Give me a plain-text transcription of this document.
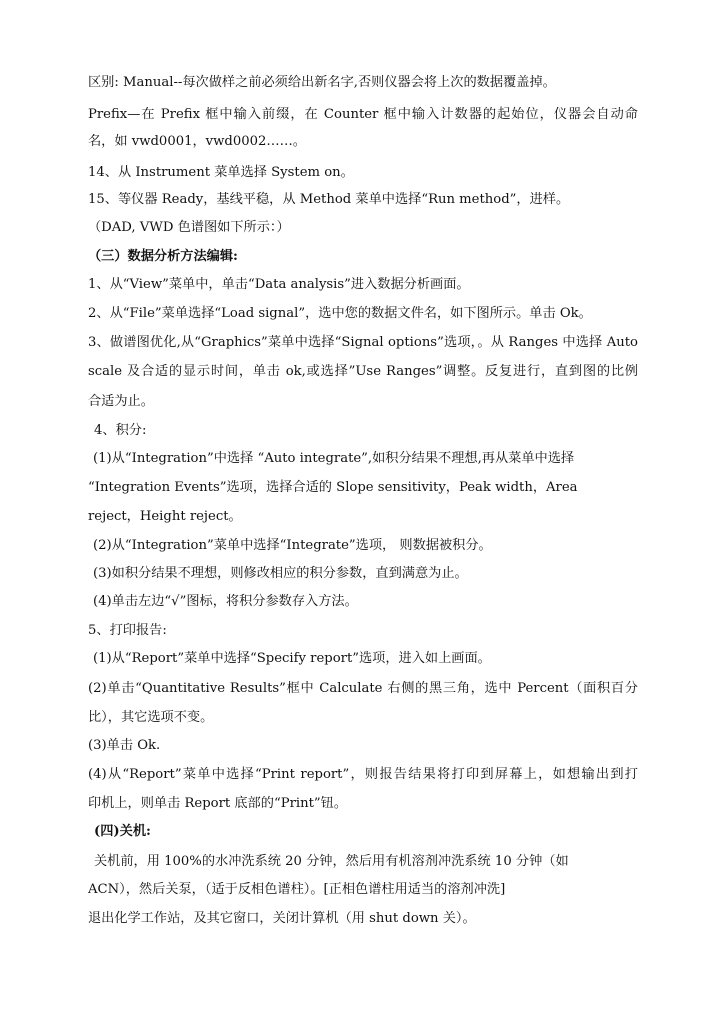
区别: Manual--每次做样之前必须给出新名字,否则仪器会将上次的数据覆盖掉。
Prefix—在 Prefix 框中输入前缀，在 Counter 框中输入计数器的起始位，仪器会自动命
名，如 vwd0001，vwd0002……。
14、从 Instrument 菜单选择 System on。
15、等仪器 Ready，基线平稳，从 Method 菜单中选择“Run method”，进样。
（DAD, VWD 色谱图如下所示：）
（三）数据分析方法编辑:
1、从“View”菜单中，单击“Data analysis”进入数据分析画面。
2、从“File”菜单选择“Load signal”，选中您的数据文件名，如下图所示。单击 Ok。
3、做谱图优化,从“Graphics”菜单中选择“Signal options”选项，。从 Ranges 中选择 Auto
scale 及合适的显示时间，单击 ok,或选择”Use Ranges”调整。反复进行，直到图的比例
合适为止。
4、积分:
(1)从“Integration”中选择 “Auto integrate”,如积分结果不理想,再从菜单中选择
“Integration Events”选项，选择合适的 Slope sensitivity，Peak width，Area
reject，Height reject。
(2)从“Integration”菜单中选择“Integrate”选项， 则数据被积分。
(3)如积分结果不理想，则修改相应的积分参数，直到满意为止。
(4)单击左边“√”图标，将积分参数存入方法。
5、打印报告:
(1)从“Report”菜单中选择“Specify report”选项，进入如上画面。
(2)单击“Quantitative Results”框中 Calculate 右侧的黑三角，选中 Percent（面积百分
比），其它选项不变。
(3)单击 Ok.
(4)从“Report”菜单中选择“Print report”，则报告结果将打印到屏幕上，如想输出到打
印机上，则单击 Report 底部的“Print”钮。
(四)关机:
关机前，用 100%的水冲洗系统 20 分钟，然后用有机溶剂冲洗系统 10 分钟（如
ACN），然后关泵，（适于反相色谱柱）。[正相色谱柱用适当的溶剂冲洗]
退出化学工作站，及其它窗口，关闭计算机（用 shut down 关）。
